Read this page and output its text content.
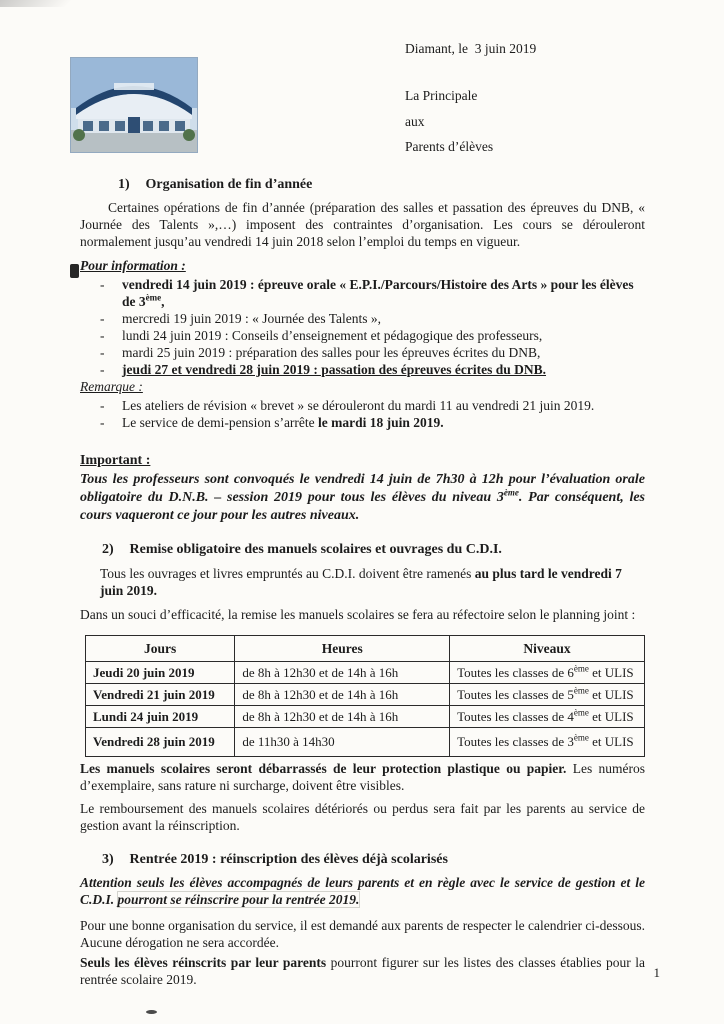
Diamant, le  3 juin 2019
La Principale
aux
Parents d’élèves
1) Organisation de fin d’année

Certaines opérations de fin d’année (préparation des salles et passation des épreuves du DNB, « Journée des Talents »,…) imposent des contraintes d’organisation. Les cours se dérouleront normalement jusqu’au vendredi 14 juin 2018 selon l’emploi du temps en vigueur.

Pour information :
-	vendredi 14 juin 2019 : épreuve orale « E.P.I./Parcours/Histoire des Arts » pour les élèves de 3ème,
-	mercredi 19 juin 2019 : « Journée des Talents »,
-	lundi 24 juin 2019 : Conseils d’enseignement et pédagogique des professeurs,
-	mardi 25 juin 2019 : préparation des salles pour les épreuves écrites du DNB,
-	jeudi 27 et vendredi 28 juin 2019 : passation des épreuves écrites du DNB.
Remarque :
-	Les ateliers de révision « brevet » se dérouleront du mardi 11 au vendredi 21 juin 2019.
-	Le service de demi-pension s’arrête le mardi 18 juin 2019.
Important :

Tous les professeurs sont convoqués le vendredi 14 juin de 7h30 à 12h pour l’évaluation orale obligatoire du D.N.B. – session 2019 pour tous les élèves du niveau 3ème. Par conséquent, les cours vaqueront ce jour pour les autres niveaux.

2) Remise obligatoire des manuels scolaires et ouvrages du C.D.I.

Tous les ouvrages et livres empruntés au C.D.I. doivent être ramenés au plus tard le vendredi 7 juin 2019.

Dans un souci d’efficacité, la remise les manuels scolaires se fera au réfectoire selon le planning joint :

Jours	Heures	Niveaux
Jeudi 20 juin 2019	de 8h à 12h30 et de 14h à 16h	Toutes les classes de 6ème et ULIS
Vendredi 21 juin 2019	de 8h à 12h30 et de 14h à 16h	Toutes les classes de 5ème et ULIS
Lundi 24 juin 2019	de 8h à 12h30 et de 14h à 16h	Toutes les classes de 4ème et ULIS
Vendredi 28 juin 2019	de 11h30 à 14h30	Toutes les classes de 3ème et ULIS

Les manuels scolaires seront débarrassés de leur protection plastique ou papier. Les numéros d’exemplaire, sans rature ni surcharge, doivent être visibles.

Le remboursement des manuels scolaires détériorés ou perdus sera fait par les parents au service de gestion avant la réinscription.

3) Rentrée 2019 : réinscription des élèves déjà scolarisés

Attention seuls les élèves accompagnés de leurs parents et en règle avec le service de gestion et le C.D.I. pourront se réinscrire pour la rentrée 2019.

Pour une bonne organisation du service, il est demandé aux parents de respecter le calendrier ci-dessous. Aucune dérogation ne sera accordée.

Seuls les élèves réinscrits par leur parents pourront figurer sur les listes des classes établies pour la rentrée scolaire 2019.	1
